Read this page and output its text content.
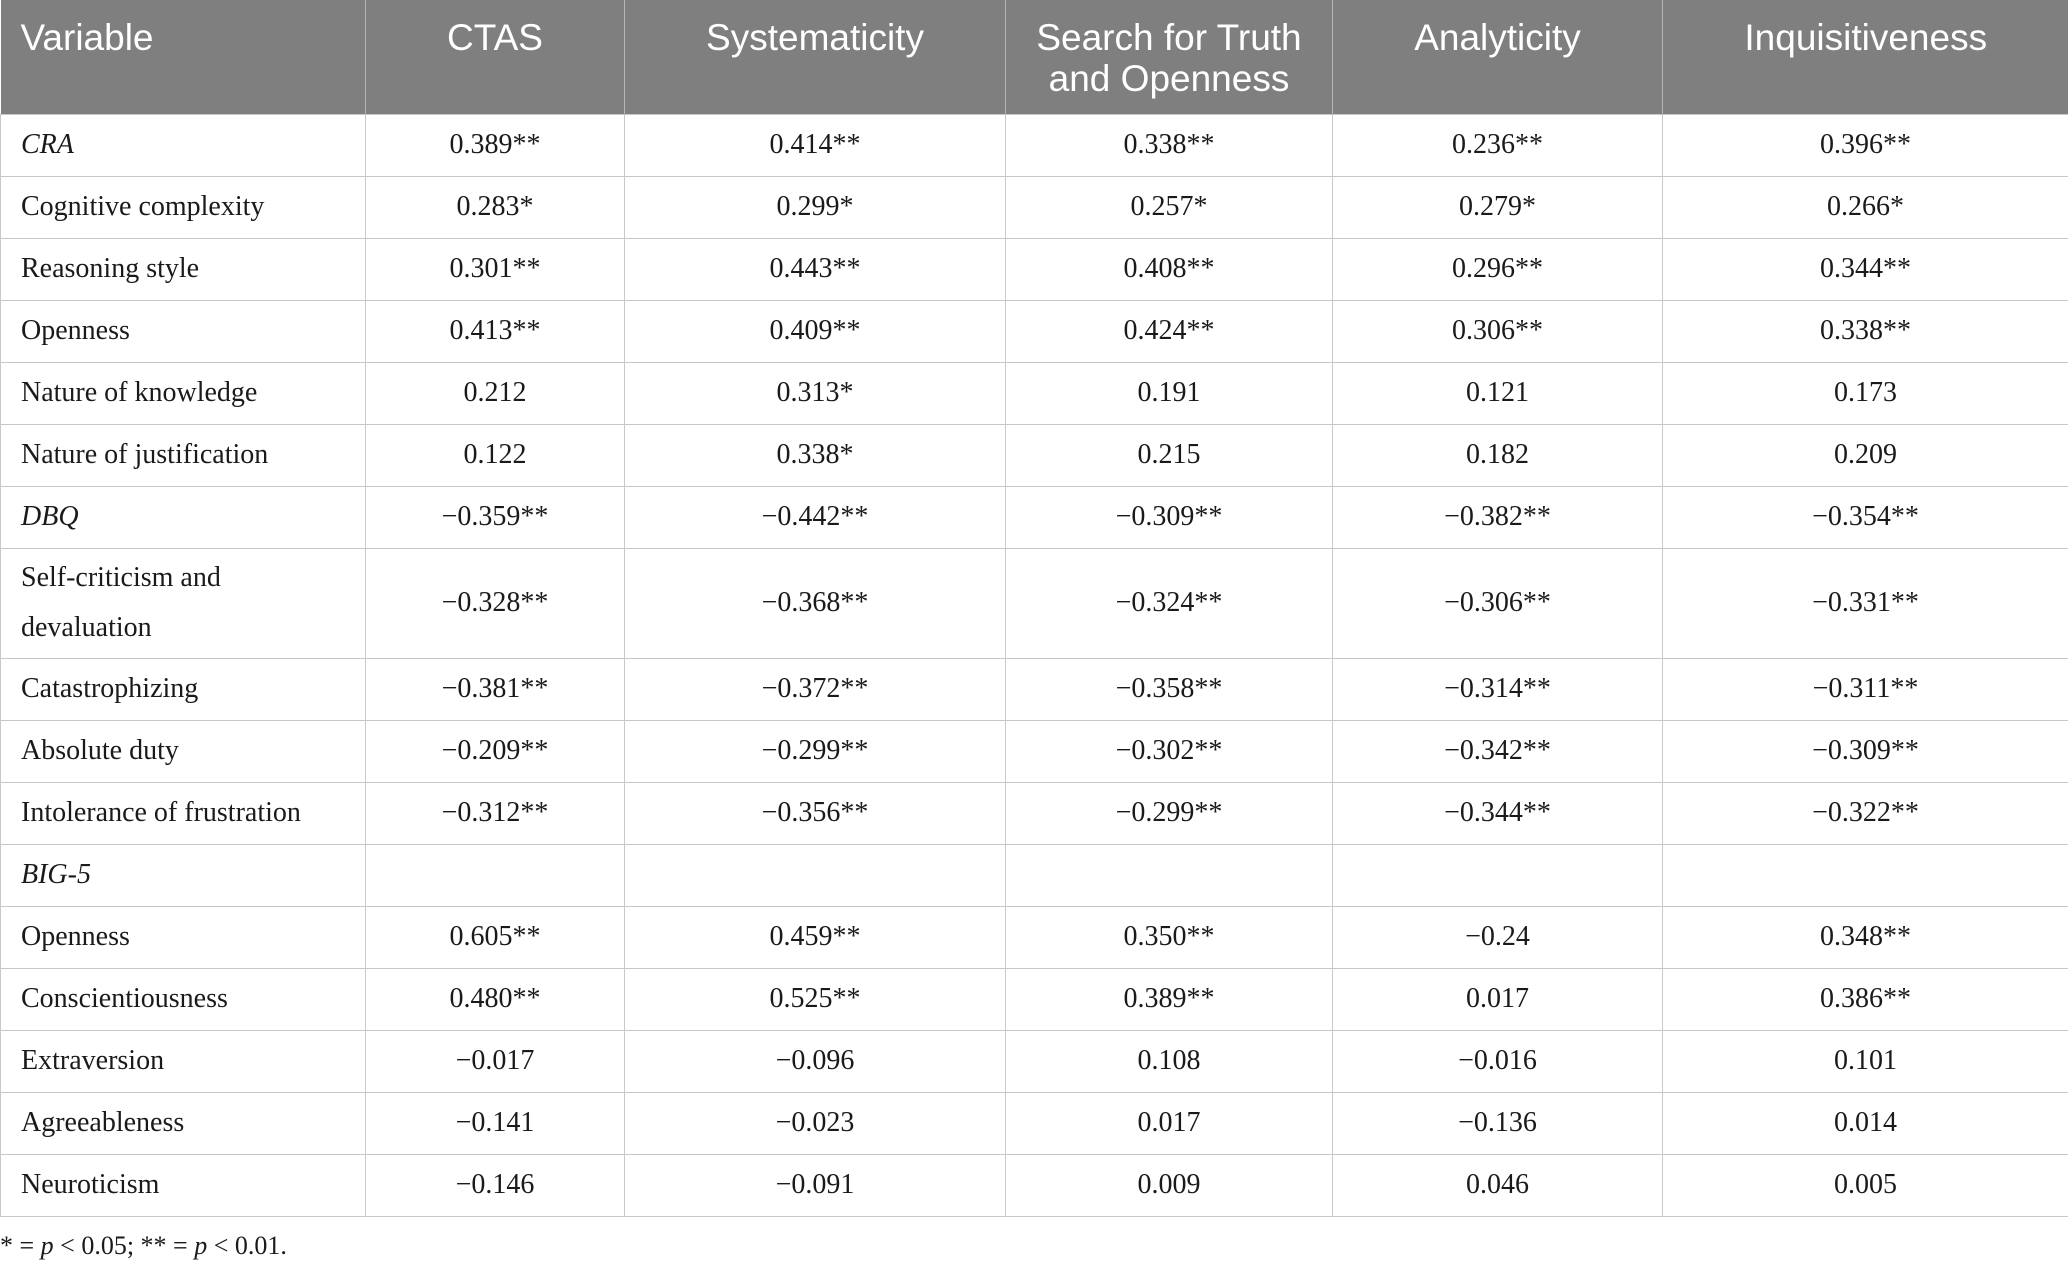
Variable	CTAS	Systematicity	Search for Truth and Openness	Analyticity	Inquisitiveness
CRA	0.389**	0.414**	0.338**	0.236**	0.396**
Cognitive complexity	0.283*	0.299*	0.257*	0.279*	0.266*
Reasoning style	0.301**	0.443**	0.408**	0.296**	0.344**
Openness	0.413**	0.409**	0.424**	0.306**	0.338**
Nature of knowledge	0.212	0.313*	0.191	0.121	0.173
Nature of justification	0.122	0.338*	0.215	0.182	0.209
DBQ	−0.359**	−0.442**	−0.309**	−0.382**	−0.354**
Self-criticism and devaluation	−0.328**	−0.368**	−0.324**	−0.306**	−0.331**
Catastrophizing	−0.381**	−0.372**	−0.358**	−0.314**	−0.311**
Absolute duty	−0.209**	−0.299**	−0.302**	−0.342**	−0.309**
Intolerance of frustration	−0.312**	−0.356**	−0.299**	−0.344**	−0.322**
BIG-5					
Openness	0.605**	0.459**	0.350**	−0.24	0.348**
Conscientiousness	0.480**	0.525**	0.389**	0.017	0.386**
Extraversion	−0.017	−0.096	0.108	−0.016	0.101
Agreeableness	−0.141	−0.023	0.017	−0.136	0.014
Neuroticism	−0.146	−0.091	0.009	0.046	0.005
* = p < 0.05; ** = p < 0.01.
